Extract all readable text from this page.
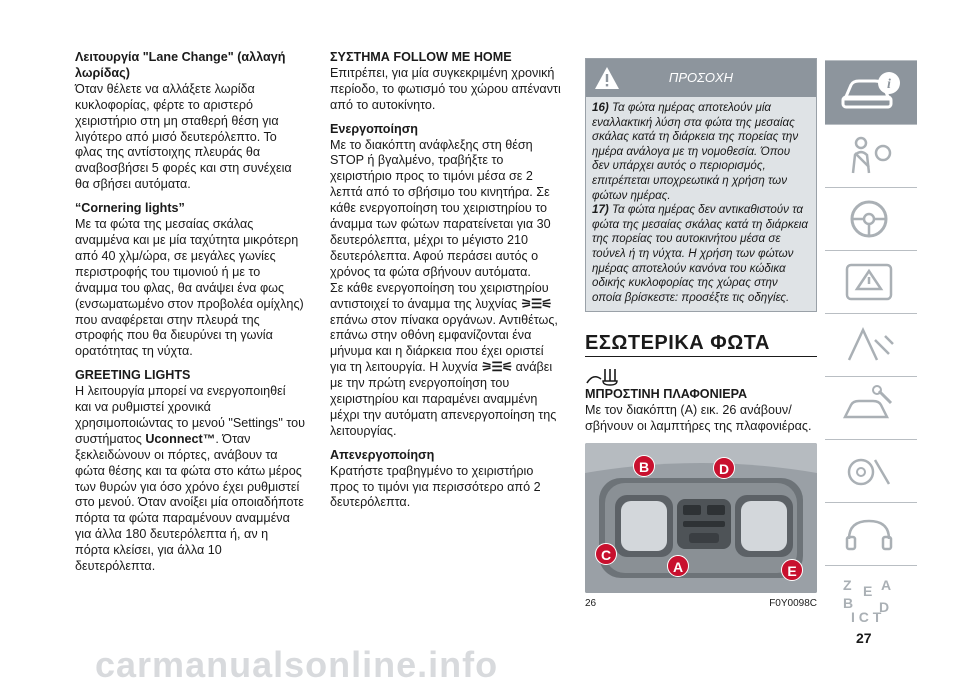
Λειτουργία "Lane Change" (αλλαγή λωρίδας)

Όταν θέλετε να αλλάξετε λωρίδα κυκλοφορίας, φέρτε το αριστερό χειριστήριο στη μη σταθερή θέση για λιγότερο από μισό δευτερόλεπτο. Το φλας της αντίστοιχης πλευράς θα αναβοσβήσει 5 φορές και στη συνέχεια θα σβήσει αυτόματα.

“Cornering lights”

Με τα φώτα της μεσαίας σκάλας αναμμένα και με μία ταχύτητα μικρότερη από 40 χλμ/ώρα, σε μεγάλες γωνίες περιστροφής του τιμονιού ή με το άναμμα του φλας, θα ανάψει ένα φως (ενσωματωμένο στον προβολέα ομίχλης) που αναφέρεται στην πλευρά της στροφής που θα διευρύνει τη γωνία ορατότητας τη νύχτα.

GREETING LIGHTS

Η λειτουργία μπορεί να ενεργοποιηθεί και να ρυθμιστεί χρονικά χρησιμοποιώντας το μενού "Settings" του συστήματος Uconnect™. Όταν ξεκλειδώνουν οι πόρτες, ανάβουν τα φώτα θέσης και τα φώτα στο κάτω μέρος των θυρών για όσο χρόνο έχει ρυθμιστεί στο μενού. Όταν ανοίξει μία οποιαδήποτε πόρτα τα φώτα παραμένουν αναμμένα για άλλα 180 δευτερόλεπτα ή, αν η πόρτα κλείσει, για άλλα 10 δευτερόλεπτα.

ΣΥΣΤΗΜΑ FOLLOW ME HOME

Επιτρέπει, για μία συγκεκριμένη χρονική περίοδο, το φωτισμό του χώρου απέναντι από το αυτοκίνητο.

Ενεργοποίηση

Με το διακόπτη ανάφλεξης στη θέση STOP ή βγαλμένο, τραβήξτε το χειριστήριο προς το τιμόνι μέσα σε 2 λεπτά από το σβήσιμο του κινητήρα. Σε κάθε ενεργοποίηση του χειριστηρίου το άναμμα των φώτων παρατείνεται για 30 δευτερόλεπτα, μέχρι το μέγιστο 210 δευτερόλεπτα. Αφού περάσει αυτός ο χρόνος τα φώτα σβήνουν αυτόματα.

Σε κάθε ενεργοποίηση του χειριστηρίου αντιστοιχεί το άναμμα της λυχνίας ⚞☰⚟ επάνω στον πίνακα οργάνων. Αντιθέτως, επάνω στην οθόνη εμφανίζονται ένα μήνυμα και η διάρκεια που έχει οριστεί για τη λειτουργία. Η λυχνία ⚞☰⚟ ανάβει με την πρώτη ενεργοποίηση του χειριστηρίου και παραμένει αναμμένη μέχρι την αυτόματη απενεργοποίηση της λειτουργίας.

Απενεργοποίηση

Κρατήστε τραβηγμένο το χειριστήριο προς το τιμόνι για περισσότερο από 2 δευτερόλεπτα.

ΠΡΟΣΟΧΗ

16) Τα φώτα ημέρας αποτελούν μία εναλλακτική λύση στα φώτα της μεσαίας σκάλας κατά τη διάρκεια της πορείας την ημέρα ανάλογα με τη νομοθεσία. Όπου δεν υπάρχει αυτός ο περιορισμός, επιτρέπεται υποχρεωτικά η χρήση των φώτων ημέρας.

17) Τα φώτα ημέρας δεν αντικαθιστούν τα φώτα της μεσαίας σκάλας κατά τη διάρκεια της πορείας του αυτοκινήτου μέσα σε τούνελ ή τη νύχτα. Η χρήση των φώτων ημέρας αποτελούν κανόνα του κώδικα οδικής κυκλοφορίας της χώρας στην οποία βρίσκεστε: προσέξτε τις οδηγίες.

ΕΣΩΤΕΡΙΚΑ ΦΩΤΑ

ΜΠΡΟΣΤΙΝΗ ΠΛΑΦΟΝΙΕΡΑ

Με τον διακόπτη (A) εικ. 26 ανάβουν/σβήνουν οι λαμπτήρες της πλαφονιέρας.

B	D
C
A	E
26	F0Y0098C
i
Z E A
B D
I C T
27
carmanualsonline.info
